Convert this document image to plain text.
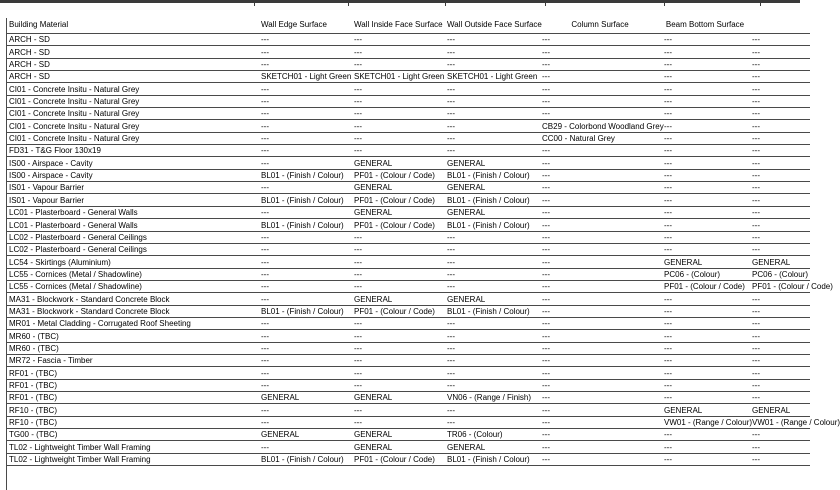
Building Material	Wall Edge Surface	Wall Inside Face Surface	Wall Outside Face Surface	Column Surface	Beam Bottom Surface	
ARCH - SD	---	---	---	---	---	---
ARCH - SD	---	---	---	---	---	---
ARCH - SD	---	---	---	---	---	---
ARCH - SD	SKETCH01 - Light Green	SKETCH01 - Light Green	SKETCH01 - Light Green	---	---	---
CI01 - Concrete Insitu - Natural Grey	---	---	---	---	---	---
CI01 - Concrete Insitu - Natural Grey	---	---	---	---	---	---
CI01 - Concrete Insitu - Natural Grey	---	---	---	---	---	---
CI01 - Concrete Insitu - Natural Grey	---	---	---	CB29 - Colorbond Woodland Grey	---	---
CI01 - Concrete Insitu - Natural Grey	---	---	---	CC00 - Natural Grey	---	---
FD31 - T&G Floor 130x19	---	---	---	---	---	---
IS00 - Airspace - Cavity	---	GENERAL	GENERAL	---	---	---
IS00 - Airspace - Cavity	BL01 - (Finish / Colour)	PF01 - (Colour / Code)	BL01 - (Finish / Colour)	---	---	---
IS01 - Vapour Barrier	---	GENERAL	GENERAL	---	---	---
IS01 - Vapour Barrier	BL01 - (Finish / Colour)	PF01 - (Colour / Code)	BL01 - (Finish / Colour)	---	---	---
LC01 - Plasterboard - General Walls	---	GENERAL	GENERAL	---	---	---
LC01 - Plasterboard - General Walls	BL01 - (Finish / Colour)	PF01 - (Colour / Code)	BL01 - (Finish / Colour)	---	---	---
LC02 - Plasterboard - General Ceilings	---	---	---	---	---	---
LC02 - Plasterboard - General Ceilings	---	---	---	---	---	---
LC54 - Skirtings (Aluminium)	---	---	---	---	GENERAL	GENERAL
LC55 - Cornices (Metal / Shadowline)	---	---	---	---	PC06 - (Colour)	PC06 - (Colour)
LC55 - Cornices (Metal / Shadowline)	---	---	---	---	PF01 - (Colour / Code)	PF01 - (Colour / Code)
MA31 - Blockwork - Standard Concrete Block	---	GENERAL	GENERAL	---	---	---
MA31 - Blockwork - Standard Concrete Block	BL01 - (Finish / Colour)	PF01 - (Colour / Code)	BL01 - (Finish / Colour)	---	---	---
MR01 - Metal Cladding - Corrugated Roof Sheeting	---	---	---	---	---	---
MR60 - (TBC)	---	---	---	---	---	---
MR60 - (TBC)	---	---	---	---	---	---
MR72 - Fascia - Timber	---	---	---	---	---	---
RF01 - (TBC)	---	---	---	---	---	---
RF01 - (TBC)	---	---	---	---	---	---
RF01 - (TBC)	GENERAL	GENERAL	VN06 - (Range / Finish)	---	---	---
RF10 - (TBC)	---	---	---	---	GENERAL	GENERAL
RF10 - (TBC)	---	---	---	---	VW01 - (Range / Colour)	VW01 - (Range / Colour)
TG00 - (TBC)	GENERAL	GENERAL	TR06 - (Colour)	---	---	---
TL02 - Lightweight Timber Wall Framing	---	GENERAL	GENERAL	---	---	---
TL02 - Lightweight Timber Wall Framing	BL01 - (Finish / Colour)	PF01 - (Colour / Code)	BL01 - (Finish / Colour)	---	---	---
